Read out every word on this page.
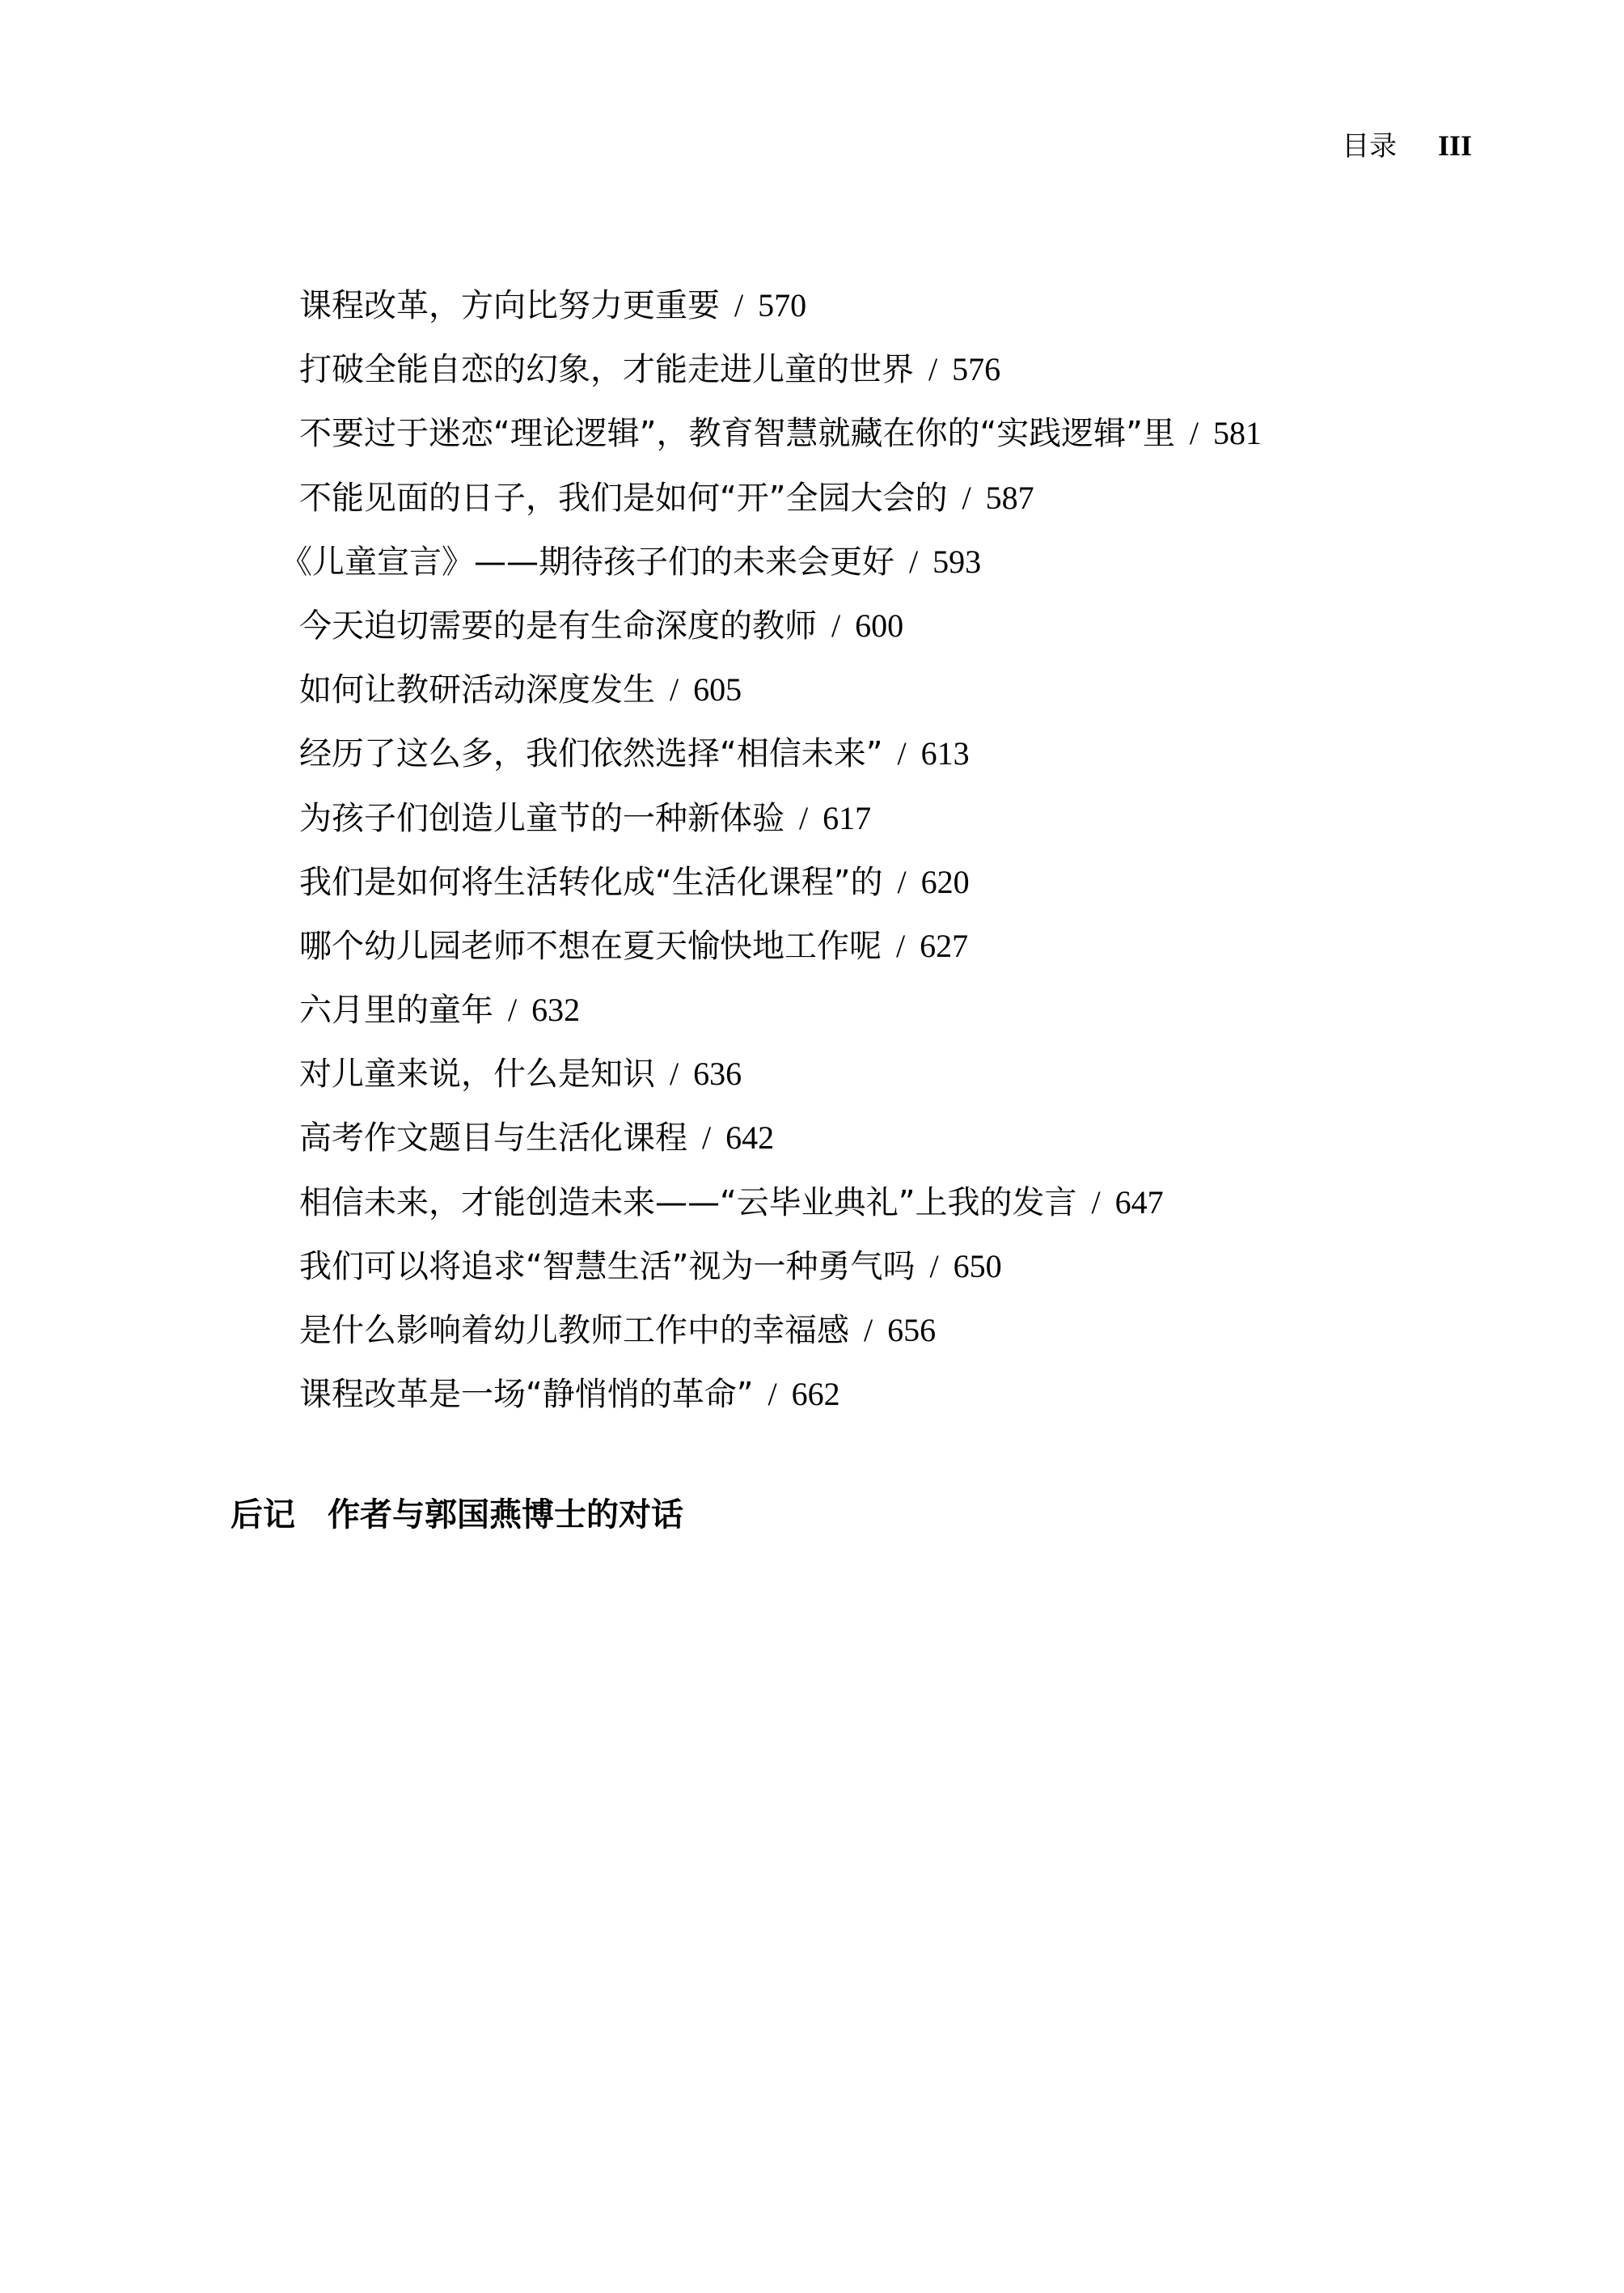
目录 III
课程改革，方向比努力更重要 / 570
打破全能自恋的幻象，才能走进儿童的世界 / 576
不要过于迷恋“理论逻辑”，教育智慧就藏在你的“实践逻辑”里 / 581
不能见面的日子，我们是如何“开”全园大会的 / 587
《儿童宣言》——期待孩子们的未来会更好 / 593
今天迫切需要的是有生命深度的教师 / 600
如何让教研活动深度发生 / 605
经历了这么多，我们依然选择“相信未来” / 613
为孩子们创造儿童节的一种新体验 / 617
我们是如何将生活转化成“生活化课程”的 / 620
哪个幼儿园老师不想在夏天愉快地工作呢 / 627
六月里的童年 / 632
对儿童来说，什么是知识 / 636
高考作文题目与生活化课程 / 642
相信未来，才能创造未来——“云毕业典礼”上我的发言 / 647
我们可以将追求“智慧生活”视为一种勇气吗 / 650
是什么影响着幼儿教师工作中的幸福感 / 656
课程改革是一场“静悄悄的革命” / 662
后记 作者与郭国燕博士的对话
